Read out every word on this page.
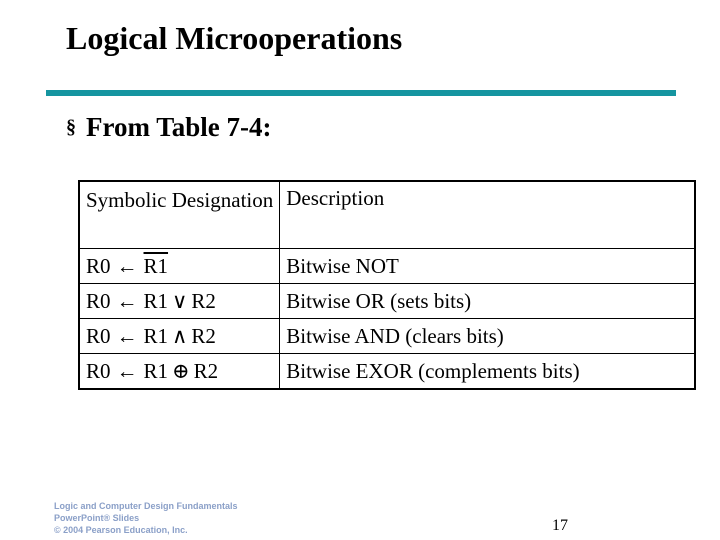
Logical Microoperations
§ From Table 7-4:
Symbolic Designation	Description
R0 ← R1	Bitwise NOT
R0 ← R1 ∨ R2	Bitwise OR (sets bits)
R0 ← R1 ∧ R2	Bitwise AND (clears bits)
R0 ← R1 ⊕ R2	Bitwise EXOR (complements bits)
Logic and Computer Design Fundamentals
PowerPoint® Slides
© 2004 Pearson Education, Inc.	17
